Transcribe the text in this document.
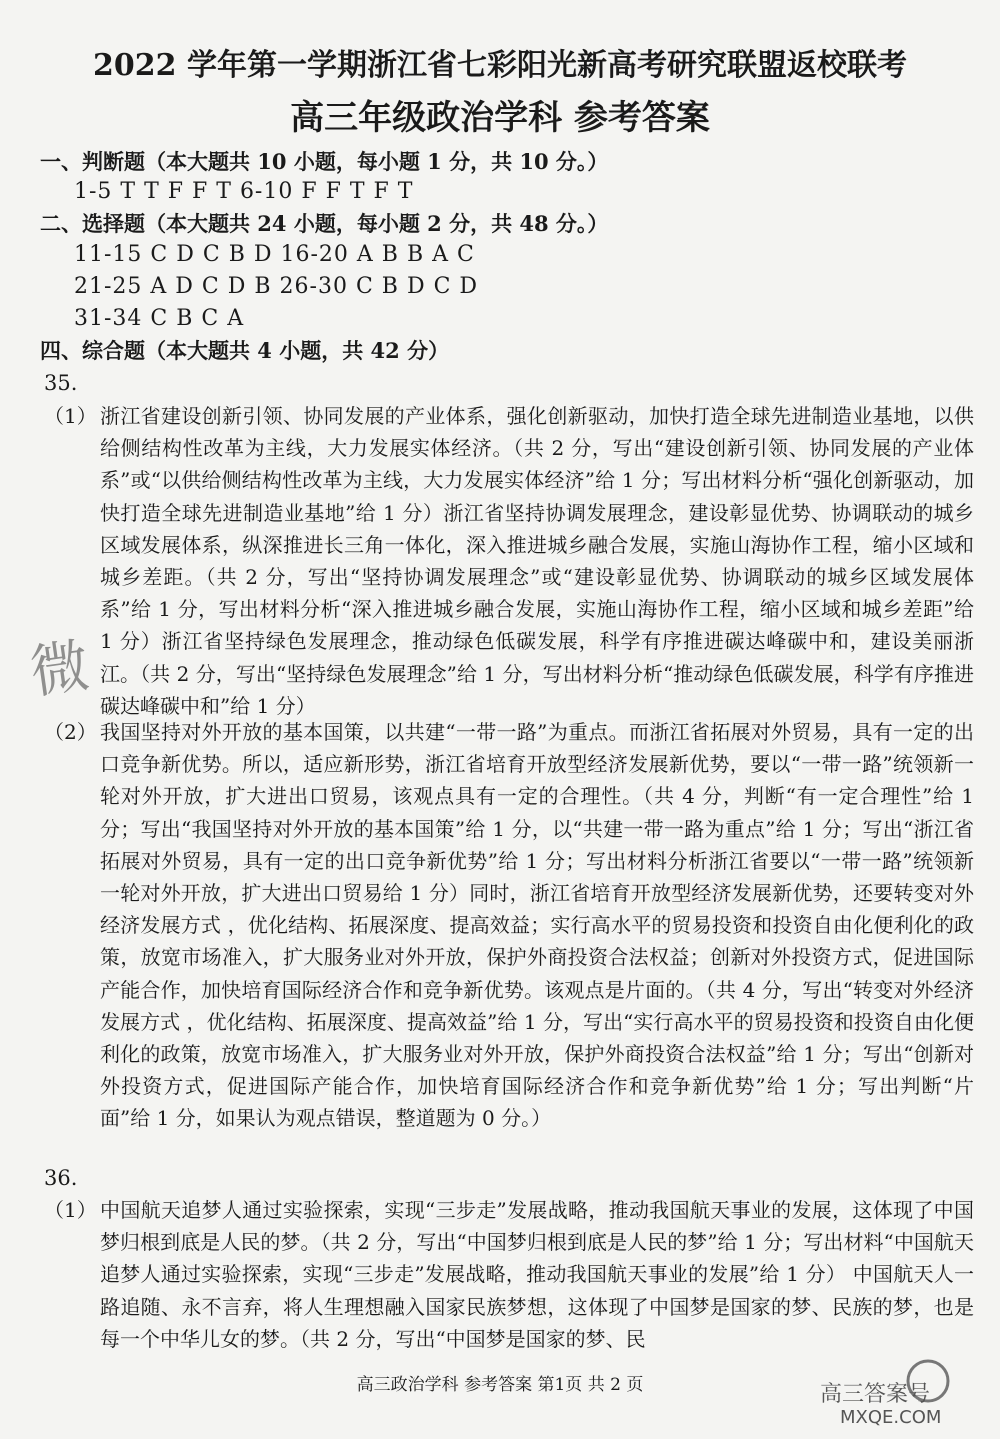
2022 学年第一学期浙江省七彩阳光新高考研究联盟返校联考
高三年级政治学科 参考答案
一、判断题（本大题共 10 小题，每小题 1 分，共 10 分。）
1-5 T T F F T 6-10 F F T F T
二、选择题（本大题共 24 小题，每小题 2 分，共 48 分。）
11-15 C D C B D 16-20 A B B A C
21-25 A D C D B 26-30 C B D C D
31-34 C B C A
四、综合题（本大题共 4 小题，共 42 分）
35.
（1） 浙江省建设创新引领、协同发展的产业体系，强化创新驱动，加快打造全球先进制造业基地，以供给侧结构性改革为主线，大力发展实体经济。（共 2 分，写出“建设创新引领、协同发展的产业体系”或“以供给侧结构性改革为主线，大力发展实体经济”给 1 分；写出材料分析“强化创新驱动，加快打造全球先进制造业基地”给 1 分）浙江省坚持协调发展理念，建设彰显优势、协调联动的城乡区域发展体系，纵深推进长三角一体化，深入推进城乡融合发展，实施山海协作工程，缩小区域和城乡差距。（共 2 分，写出“坚持协调发展理念”或“建设彰显优势、协调联动的城乡区域发展体系”给 1 分，写出材料分析“深入推进城乡融合发展，实施山海协作工程，缩小区域和城乡差距”给 1 分）浙江省坚持绿色发展理念，推动绿色低碳发展，科学有序推进碳达峰碳中和，建设美丽浙江。（共 2 分，写出“坚持绿色发展理念”给 1 分，写出材料分析“推动绿色低碳发展，科学有序推进碳达峰碳中和”给 1 分）
（2） 我国坚持对外开放的基本国策，以共建“一带一路”为重点。而浙江省拓展对外贸易，具有一定的出口竞争新优势。所以，适应新形势，浙江省培育开放型经济发展新优势，要以“一带一路”统领新一轮对外开放，扩大进出口贸易，该观点具有一定的合理性。（共 4 分，判断“有一定合理性”给 1 分；写出“我国坚持对外开放的基本国策”给 1 分，以“共建一带一路为重点”给 1 分；写出“浙江省拓展对外贸易，具有一定的出口竞争新优势”给 1 分；写出材料分析浙江省要以“一带一路”统领新一轮对外开放，扩大进出口贸易给 1 分）同时，浙江省培育开放型经济发展新优势，还要转变对外经济发展方式 ，优化结构、拓展深度、提高效益；实行高水平的贸易投资和投资自由化便利化的政策，放宽市场准入，扩大服务业对外开放，保护外商投资合法权益；创新对外投资方式，促进国际产能合作，加快培育国际经济合作和竞争新优势。该观点是片面的。（共 4 分，写出“转变对外经济发展方式 ，优化结构、拓展深度、提高效益”给 1 分，写出“实行高水平的贸易投资和投资自由化便利化的政策，放宽市场准入，扩大服务业对外开放，保护外商投资合法权益”给 1 分；写出“创新对外投资方式，促进国际产能合作，加快培育国际经济合作和竞争新优势”给 1 分；写出判断“片面”给 1 分，如果认为观点错误，整道题为 0 分。）
36.
（1） 中国航天追梦人通过实验探索，实现“三步走”发展战略，推动我国航天事业的发展，这体现了中国梦归根到底是人民的梦。（共 2 分，写出“中国梦归根到底是人民的梦”给 1 分；写出材料“中国航天追梦人通过实验探索，实现“三步走”发展战略，推动我国航天事业的发展”给 1 分） 中国航天人一路追随、永不言弃，将人生理想融入国家民族梦想，这体现了中国梦是国家的梦、民族的梦，也是每一个中华儿女的梦。（共 2 分，写出“中国梦是国家的梦、民
高三政治学科 参考答案 第1页 共 2 页
微
高三答案号
MXQE.COM
